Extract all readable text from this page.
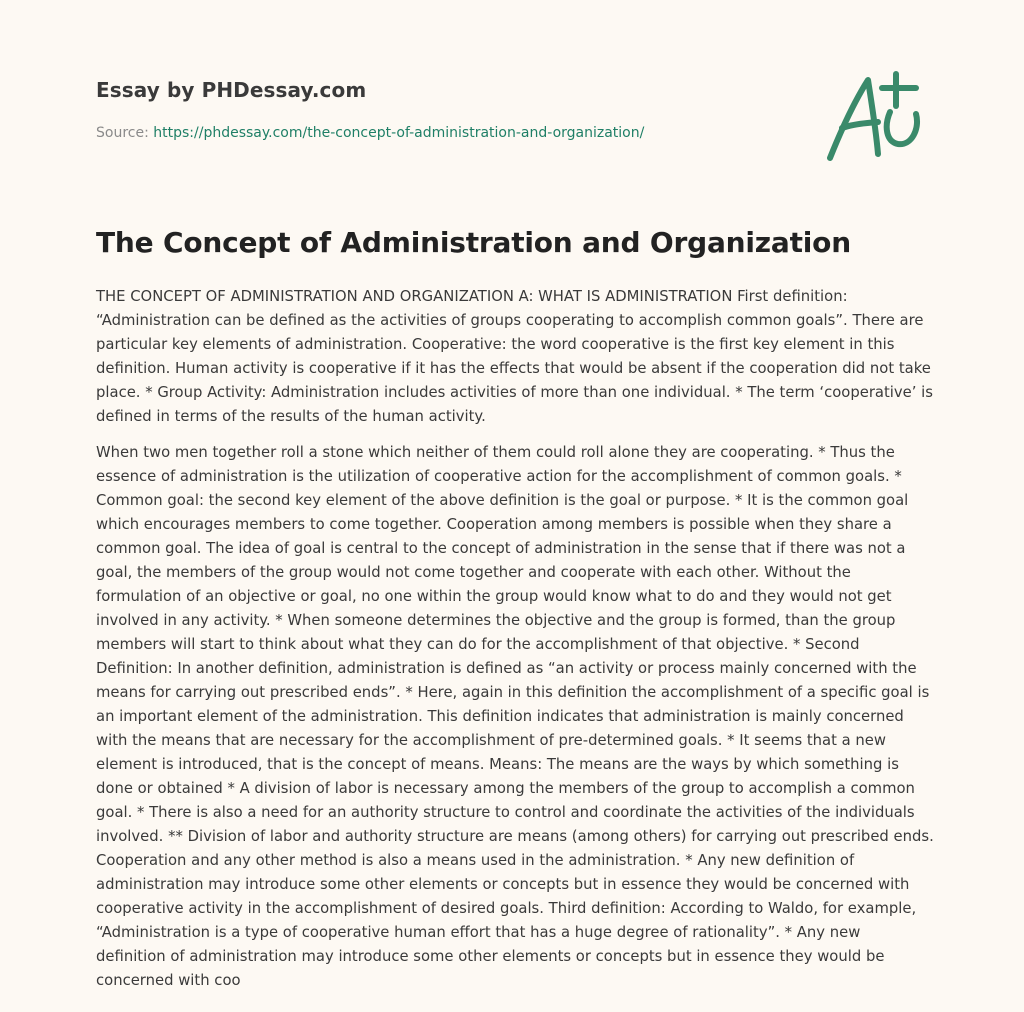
Essay by PHDessay.com
Source: https://phdessay.com/the-concept-of-administration-and-organization/
The Concept of Administration and Organization

THE CONCEPT OF ADMINISTRATION AND ORGANIZATION A: WHAT IS ADMINISTRATION First definition: “Administration can be defined as the activities of groups cooperating to accomplish common goals”. There are particular key elements of administration. Cooperative: the word cooperative is the first key element in this definition. Human activity is cooperative if it has the effects that would be absent if the cooperation did not take place. * Group Activity: Administration includes activities of more than one individual. * The term ‘cooperative’ is defined in terms of the results of the human activity.

When two men together roll a stone which neither of them could roll alone they are cooperating. * Thus the essence of administration is the utilization of cooperative action for the accomplishment of common goals. * Common goal: the second key element of the above definition is the goal or purpose. * It is the common goal which encourages members to come together. Cooperation among members is possible when they share a common goal. The idea of goal is central to the concept of administration in the sense that if there was not a goal, the members of the group would not come together and cooperate with each other. Without the formulation of an objective or goal, no one within the group would know what to do and they would not get involved in any activity. * When someone determines the objective and the group is formed, than the group members will start to think about what they can do for the accomplishment of that objective. * Second Definition: In another definition, administration is defined as “an activity or process mainly concerned with the means for carrying out prescribed ends”. * Here, again in this definition the accomplishment of a specific goal is an important element of the administration. This definition indicates that administration is mainly concerned with the means that are necessary for the accomplishment of pre-determined goals. * It seems that a new element is introduced, that is the concept of means. Means: The means are the ways by which something is done or obtained * A division of labor is necessary among the members of the group to accomplish a common goal. * There is also a need for an authority structure to control and coordinate the activities of the individuals involved. ** Division of labor and authority structure are means (among others) for carrying out prescribed ends. Cooperation and any other method is also a means used in the administration. * Any new definition of administration may introduce some other elements or concepts but in essence they would be concerned with cooperative activity in the accomplishment of desired goals. Third definition: According to Waldo, for example, “Administration is a type of cooperative human effort that has a huge degree of rationality”. * Any new definition of administration may introduce some other elements or concepts but in essence they would be concerned with coo
